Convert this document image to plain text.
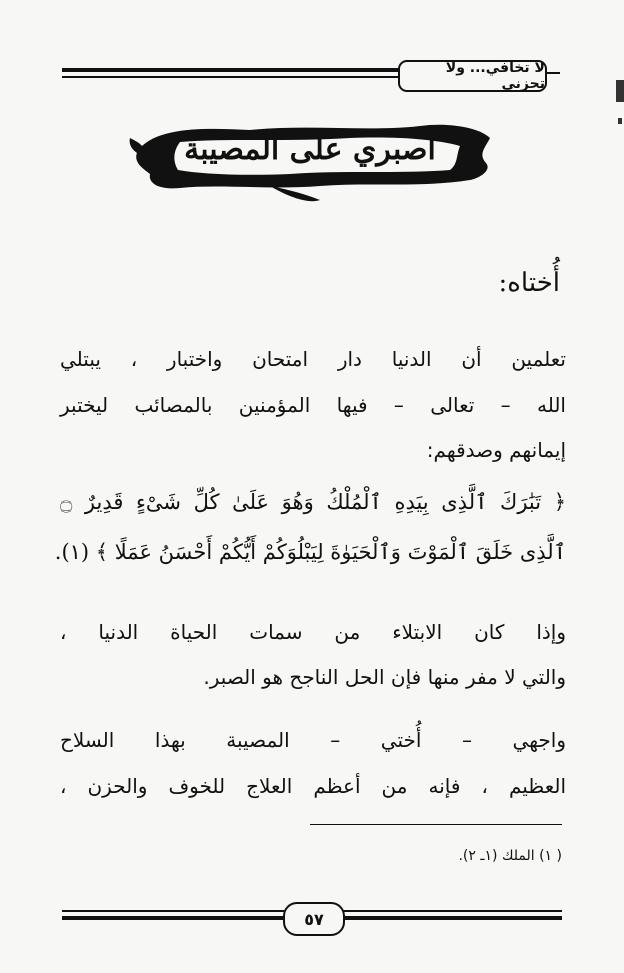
لا تخافي... ولا تحزني
اصبري على المصيبة
أُختاه:
تعلمين أن الدنيا دار امتحان واختبار ، يبتلي
الله – تعالى – فيها المؤمنين بالمصائب ليختبر
إيمانهم وصدقهم:
﴿ تَبَٰرَكَ ٱلَّذِى بِيَدِهِ ٱلْمُلْكُ وَهُوَ عَلَىٰ كُلِّ شَىْءٍ قَدِيرٌ ۝
ٱلَّذِى خَلَقَ ٱلْمَوْتَ وَٱلْحَيَوٰةَ لِيَبْلُوَكُمْ أَيُّكُمْ أَحْسَنُ عَمَلًا ﴾ (١).
وإذا كان الابتلاء من سمات الحياة الدنيا ،
والتي لا مفر منها فإن الحل الناجح هو الصبر.
واجهي – أُختي – المصيبة بهذا السلاح
العظيم ، فإنه من أعظم العلاج للخوف والحزن ،
( ١) الملك (١ـ ٢).
٥٧
